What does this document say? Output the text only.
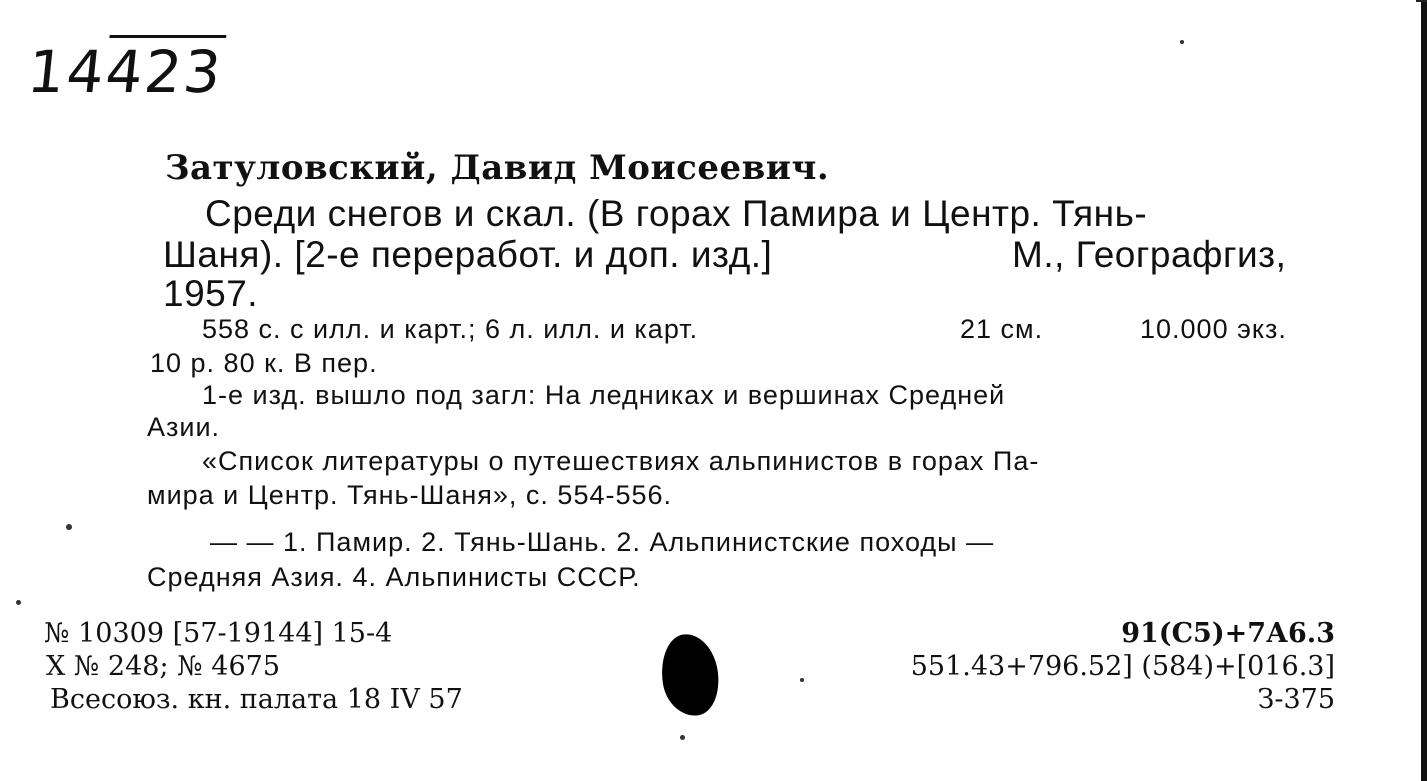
14423
Затуловский, Давид Моисеевич.
Среди снегов и скал. (В горах Памира и Центр. Тянь-
Шаня). [2-е переработ. и доп. изд.]	М., Географгиз,
1957.
558 с. с илл. и карт.; 6 л. илл. и карт.	21 см.	10.000 экз.
10 р. 80 к. В пер.
1-е изд. вышло под загл: На ледниках и вершинах Средней
Азии.
«Список литературы о путешествиях альпинистов в горах Па-
мира и Центр. Тянь-Шаня», с. 554-556.
— — 1. Памир. 2. Тянь-Шань. 2. Альпинистские походы —
Средняя Азия. 4. Альпинисты СССР.
№ 10309 [57-19144] 15-4
Х № 248; № 4675
Всесоюз. кн. палата 18 IV 57
91(С5)+7А6.3
551.43+796.52] (584)+[016.3]
З-375
